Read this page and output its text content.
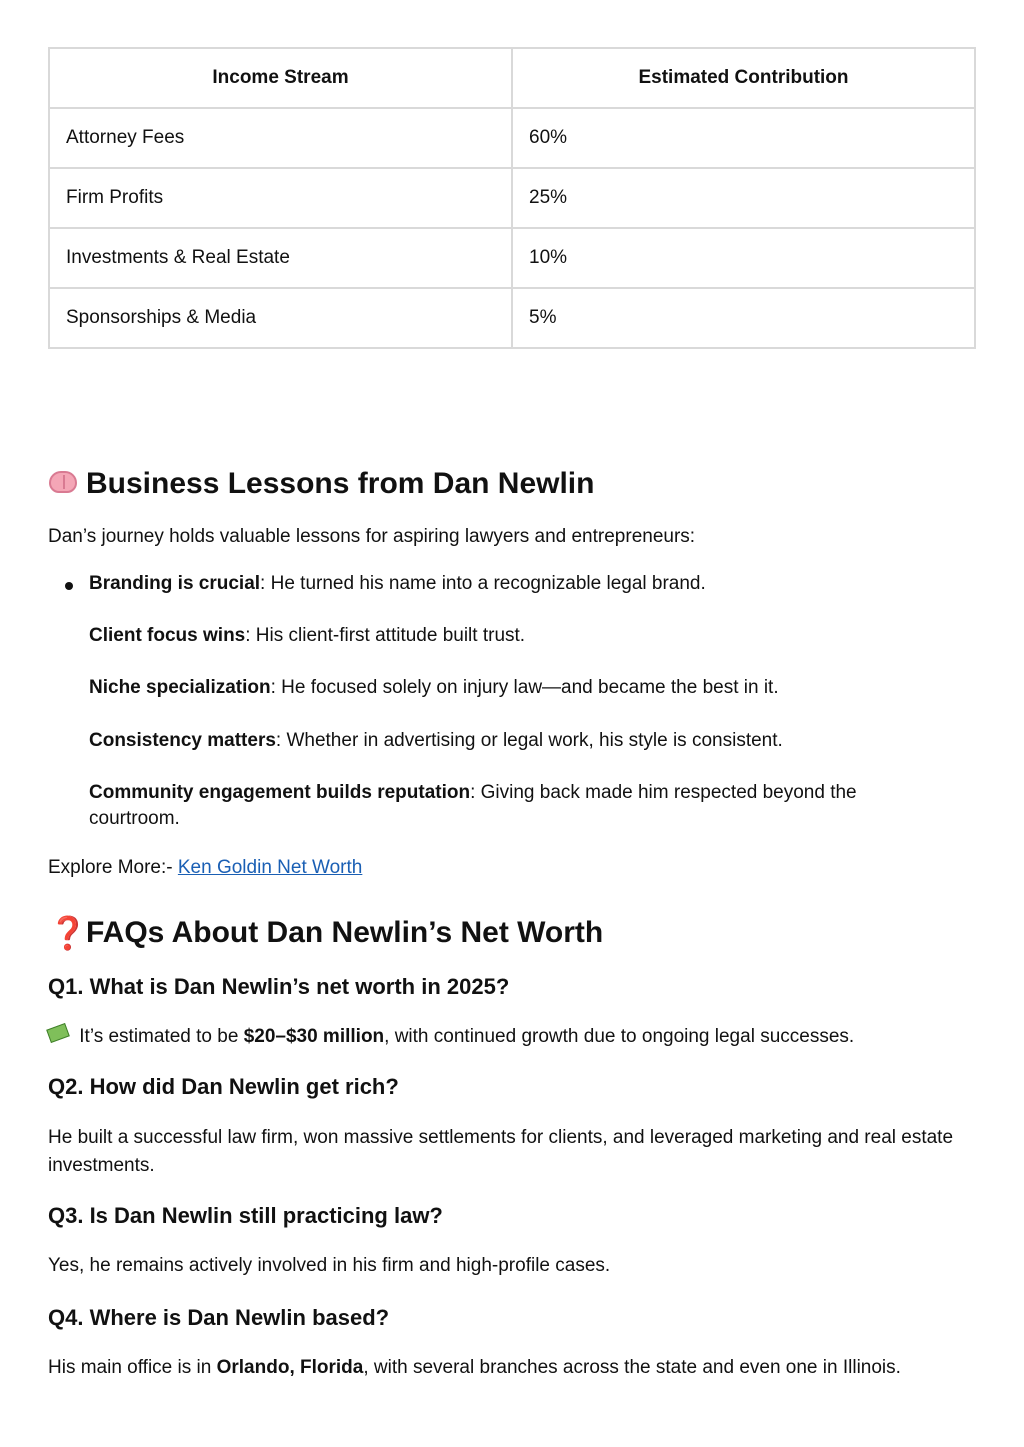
Income Stream	Estimated Contribution
Attorney Fees	60%
Firm Profits	25%
Investments & Real Estate	10%
Sponsorships & Media	5%
Business Lessons from Dan Newlin

Dan’s journey holds valuable lessons for aspiring lawyers and entrepreneurs:

Branding is crucial: He turned his name into a recognizable legal brand.
Client focus wins: His client-first attitude built trust.
Niche specialization: He focused solely on injury law—and became the best in it.
Consistency matters: Whether in advertising or legal work, his style is consistent.
Community engagement builds reputation: Giving back made him respected beyond the courtroom.

Explore More:- Ken Goldin Net Worth

❓
FAQs About Dan Newlin’s Net Worth
Q1. What is Dan Newlin’s net worth in 2025?

It’s estimated to be $20–$30 million, with continued growth due to ongoing legal successes.

Q2. How did Dan Newlin get rich?

He built a successful law firm, won massive settlements for clients, and leveraged marketing and real estate investments.

Q3. Is Dan Newlin still practicing law?

Yes, he remains actively involved in his firm and high-profile cases.

Q4. Where is Dan Newlin based?

His main office is in Orlando, Florida, with several branches across the state and even one in Illinois.
